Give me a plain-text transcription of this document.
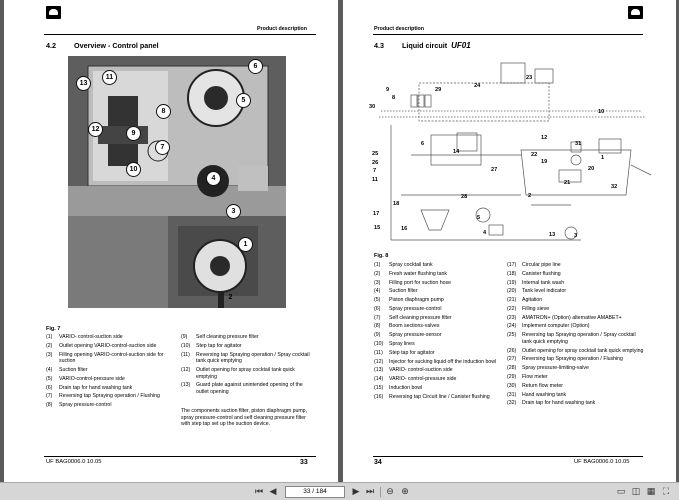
Product description
4.2	Overview - Control panel
11
13
6
5
8
12
9
7
10
4
3
1
2
Fig. 7
(1)	VARIO- control-suction side
(2)	Outlet opening VARIO-control-suction side
(3)	Filling opening VARIO-control-suction side for suction
(4)	Suction filter
(5)	VARIO-control-pressure side
(6)	Drain tap for hand washing tank
(7)	Reversing tap Spraying operation / Flushing
(8)	Spray pressure-control
(9)	Self cleaning pressure filter
(10)	Step tap for agitator
(11)	Reversing tap Spraying operation / Spray cocktail tank quick emptying
(12)	Outlet opening for spray cocktail tank quick emptying
(13)	Guard plate against unintended opening of the outlet opening
The components suction filter, piston diaphragm pump, spray pressure-control and self cleaning pressure filter with step tap set up the suction device.
UF BAG0006.0 10.05	33
Product description
4.3	Liquid circuit UF01
23
9	29
24
8
30
10
12
6
14
31
25	22
26	19
1
7	20
11
27
21
32
28	2
18
17
15	16
5
4	13	3
Fig. 8
(1)	Spray cocktail tank
(2)	Fresh water flushing tank
(3)	Filling port for suction hose
(4)	Suction filter
(5)	Piston diaphragm pump
(6)	Spray pressure-control
(7)	Self cleaning pressure filter
(8)	Boom sections-valves
(9)	Spray pressure-sensor
(10)	Spray lines
(11)	Step tap for agitator
(12)	Injector for sucking liquid off the induction bowl
(13)	VARIO- control-suction side
(14)	VARIO- control-pressure side
(15)	Induction bowl
(16)	Reversing tap Circuit line / Canister flushing
(17)	Circular pipe line
(18)	Canister flushing
(19)	Internal tank wash
(20)	Tank level indicator
(21)	Agitation
(22)	Filling sieve
(23)	AMATRON+ (Option) alternative AMABET+
(24)	Implement computer (Option)
(25)	Reversing tap Spraying operation / Spray cocktail tank quick emptying
(26)	Outlet opening for spray cocktail tank quick emptying
(27)	Reversing tap Spraying operation / Flushing
(28)	Spray pressure-limiting-valve
(29)	Flow meter
(30)	Return flow meter
(31)	Hand washing tank
(32)	Drain tap for hand washing tank
34	UF BAG0006.0 10.05
⏮ ◀	33 / 184	▶ ⏭ ⊖ ⊕	▭ ◫ ▦ ⛶
